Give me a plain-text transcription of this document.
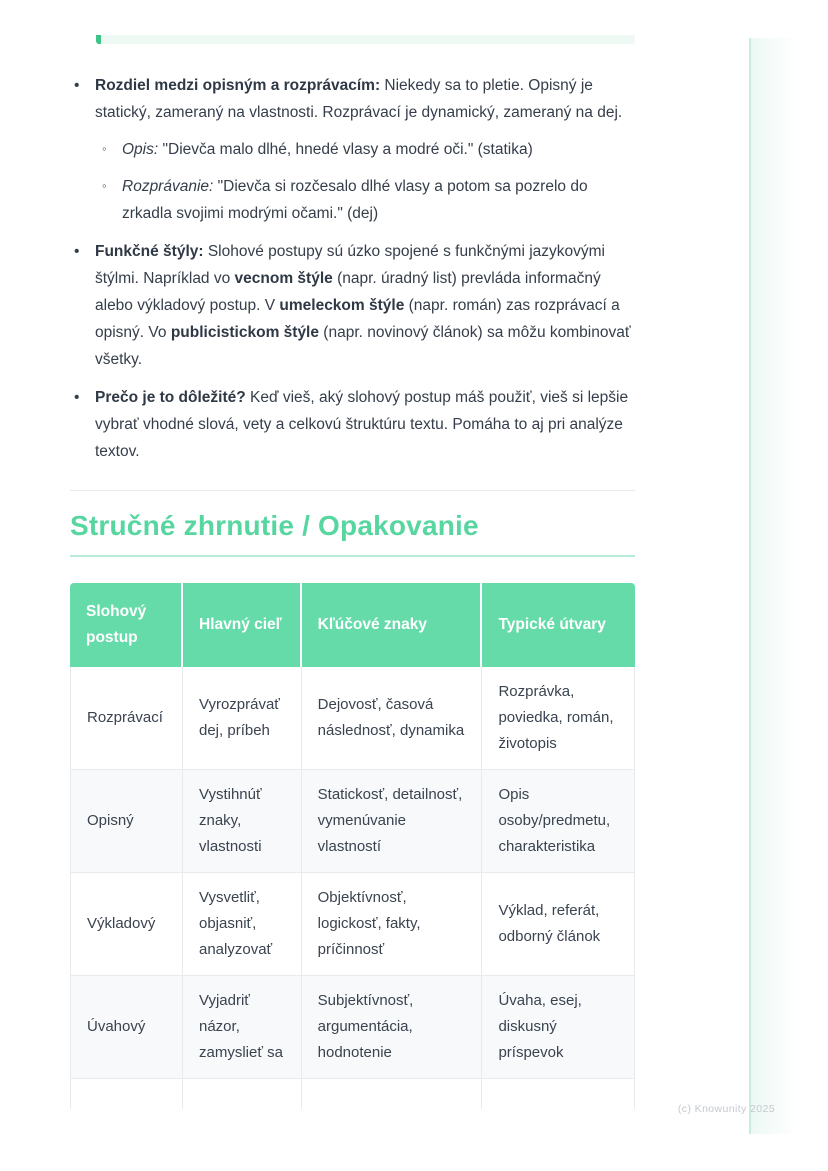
• Rozdiel medzi opisným a rozprávacím: Niekedy sa to pletie. Opisný je statický, zameraný na vlastnosti. Rozprávací je dynamický, zameraný na dej.
◦ Opis: "Dievča malo dlhé, hnedé vlasy a modré oči." (statika)
◦ Rozprávanie: "Dievča si rozčesalo dlhé vlasy a potom sa pozrelo do zrkadla svojimi modrými očami." (dej)
• Funkčné štýly: Slohové postupy sú úzko spojené s funkčnými jazykovými štýlmi. Napríklad vo vecnom štýle (napr. úradný list) prevláda informačný alebo výkladový postup. V umeleckom štýle (napr. román) zas rozprávací a opisný. Vo publicistickom štýle (napr. novinový článok) sa môžu kombinovať všetky.
• Prečo je to dôležité? Keď vieš, aký slohový postup máš použiť, vieš si lepšie vybrať vhodné slová, vety a celkovú štruktúru textu. Pomáha to aj pri analýze textov.
Stručné zhrnutie / Opakovanie
Slohový postup	Hlavný cieľ	Kľúčové znaky	Typické útvary
Rozprávací	Vyrozprávať dej, príbeh	Dejovosť, časová následnosť, dynamika	Rozprávka, poviedka, román, životopis
Opisný	Vystihnúť znaky, vlastnosti	Statickosť, detailnosť, vymenúvanie vlastností	Opis osoby/predmetu, charakteristika
Výkladový	Vysvetliť, objasniť, analyzovať	Objektívnosť, logickosť, fakty, príčinnosť	Výklad, referát, odborný článok
Úvahový	Vyjadriť názor, zamyslieť sa	Subjektívnosť, argumentácia, hodnotenie	Úvaha, esej, diskusný príspevok

(c) Knowunity 2025
